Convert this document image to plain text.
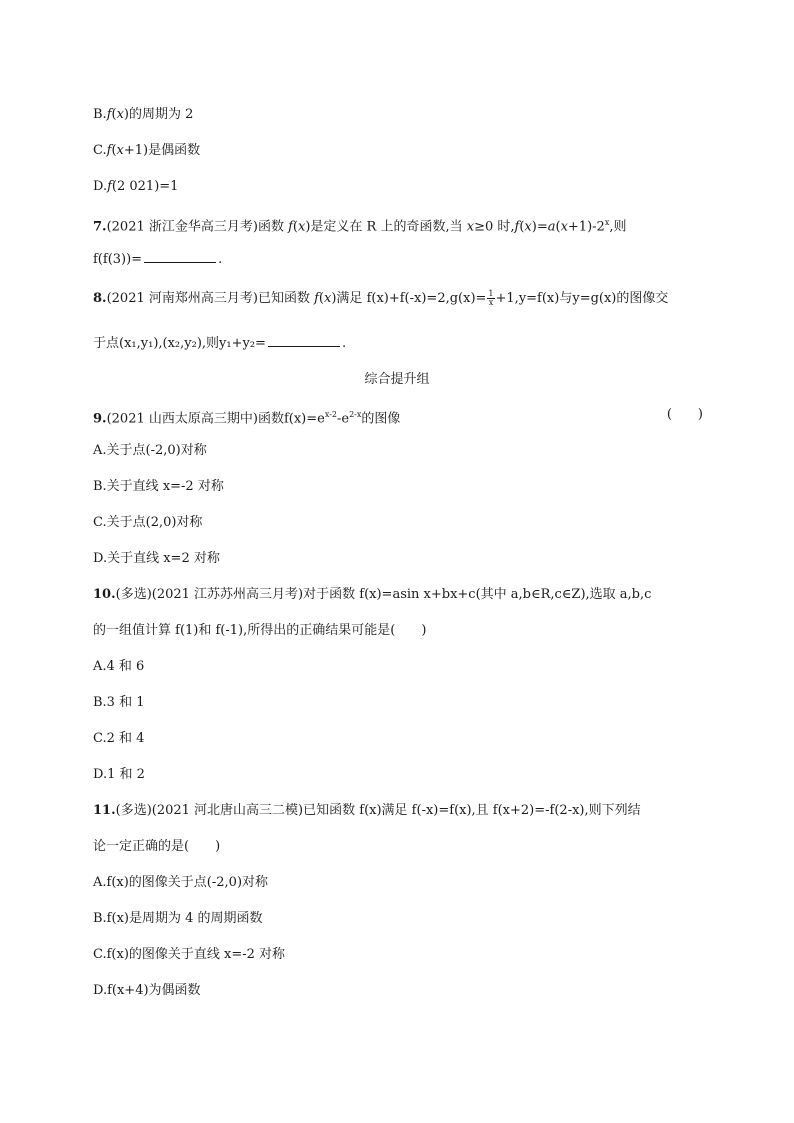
B.f(x)的周期为 2
C.f(x+1)是偶函数
D.f(2 021)=1
7.(2021 浙江金华高三月考)函数 f(x)是定义在 R 上的奇函数,当 x≥0 时$,f(x)=a(x+1)-2^x$,则
f(f(3))=	.
8.(2021 河南郑州高三月考)已知函数 f(x)满足 $f(x)+f(-x)=2,g(x)= \frac{1}{x} +1,y=f(x)$与y=g(x)的图像交
于点(x₁,y₁),(x₂,y₂),则y₁+y₂=	.
综合提升组
9.(2021 山西太原高三期中)函数$f(x)=e^{x-2}-e^{2-x}$的图像	(　　)
A.关于点(-2,0)对称
B.关于直线 x=-2 对称
C.关于点(2,0)对称
D.关于直线 x=2 对称
10.(多选)(2021 江苏苏州高三月考)对于函数 f(x)=asin x+bx+c(其中 a,b∈R,c∈Z),选取 a,b,c
的一组值计算 f(1)和 f(-1),所得出的正确结果可能是(　　)
A.4 和 6
B.3 和 1
C.2 和 4
D.1 和 2
11.(多选)(2021 河北唐山高三二模)已知函数 f(x)满足 f(-x)=f(x),且 f(x+2)=-f(2-x),则下列结
论一定正确的是(　　)
A.f(x)的图像关于点(-2,0)对称
B.f(x)是周期为 4 的周期函数
C.f(x)的图像关于直线 x=-2 对称
D.f(x+4)为偶函数
